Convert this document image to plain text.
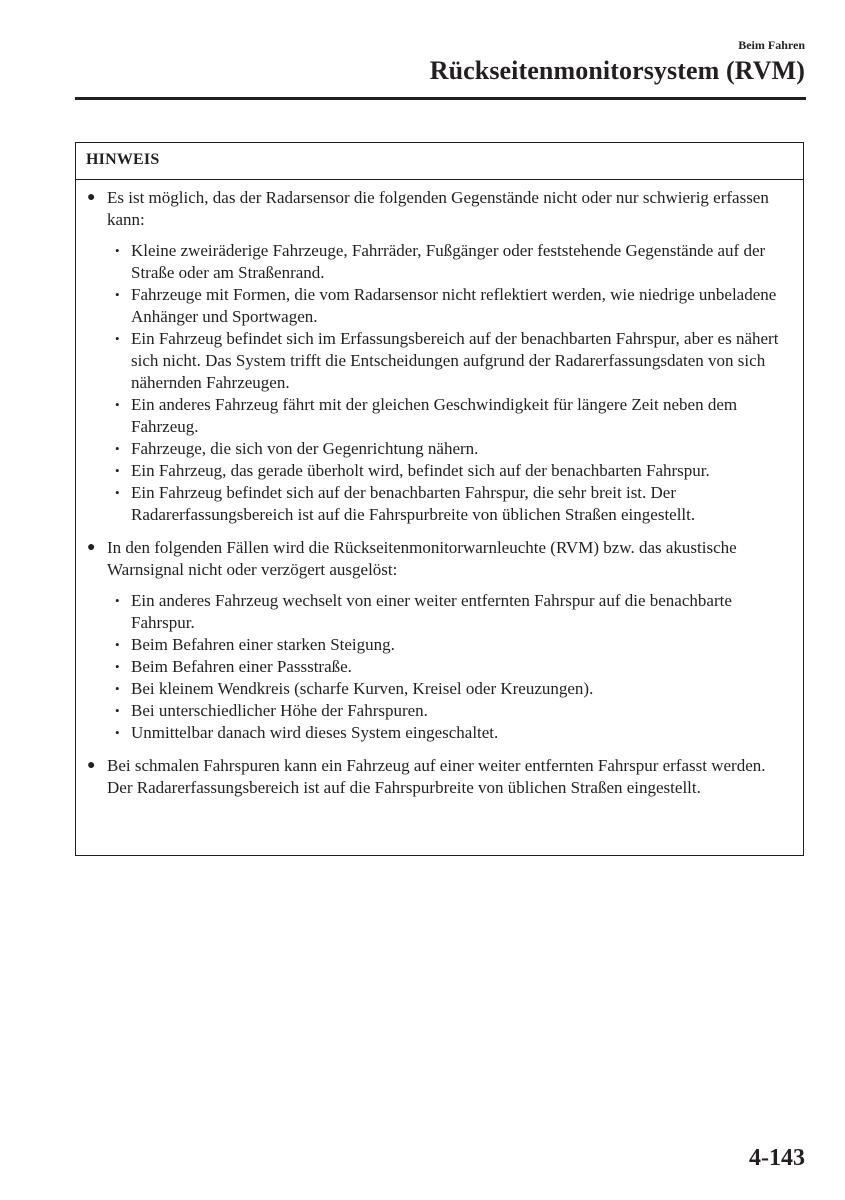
Beim Fahren
Rückseitenmonitorsystem (RVM)
HINWEIS
● Es ist möglich, das der Radarsensor die folgenden Gegenstände nicht oder nur schwierig erfassen kann:
• Kleine zweiräderige Fahrzeuge, Fahrräder, Fußgänger oder feststehende Gegenstände auf der Straße oder am Straßenrand.
• Fahrzeuge mit Formen, die vom Radarsensor nicht reflektiert werden, wie niedrige unbeladene Anhänger und Sportwagen.
• Ein Fahrzeug befindet sich im Erfassungsbereich auf der benachbarten Fahrspur, aber es nähert sich nicht. Das System trifft die Entscheidungen aufgrund der Radarerfassungsdaten von sich nähernden Fahrzeugen.
• Ein anderes Fahrzeug fährt mit der gleichen Geschwindigkeit für längere Zeit neben dem Fahrzeug.
• Fahrzeuge, die sich von der Gegenrichtung nähern.
• Ein Fahrzeug, das gerade überholt wird, befindet sich auf der benachbarten Fahrspur.
• Ein Fahrzeug befindet sich auf der benachbarten Fahrspur, die sehr breit ist. Der Radarerfassungsbereich ist auf die Fahrspurbreite von üblichen Straßen eingestellt.
● In den folgenden Fällen wird die Rückseitenmonitorwarnleuchte (RVM) bzw. das akustische Warnsignal nicht oder verzögert ausgelöst:
• Ein anderes Fahrzeug wechselt von einer weiter entfernten Fahrspur auf die benachbarte Fahrspur.
• Beim Befahren einer starken Steigung.
• Beim Befahren einer Passstraße.
• Bei kleinem Wendkreis (scharfe Kurven, Kreisel oder Kreuzungen).
• Bei unterschiedlicher Höhe der Fahrspuren.
• Unmittelbar danach wird dieses System eingeschaltet.
● Bei schmalen Fahrspuren kann ein Fahrzeug auf einer weiter entfernten Fahrspur erfasst werden. Der Radarerfassungsbereich ist auf die Fahrspurbreite von üblichen Straßen eingestellt.
4-143
